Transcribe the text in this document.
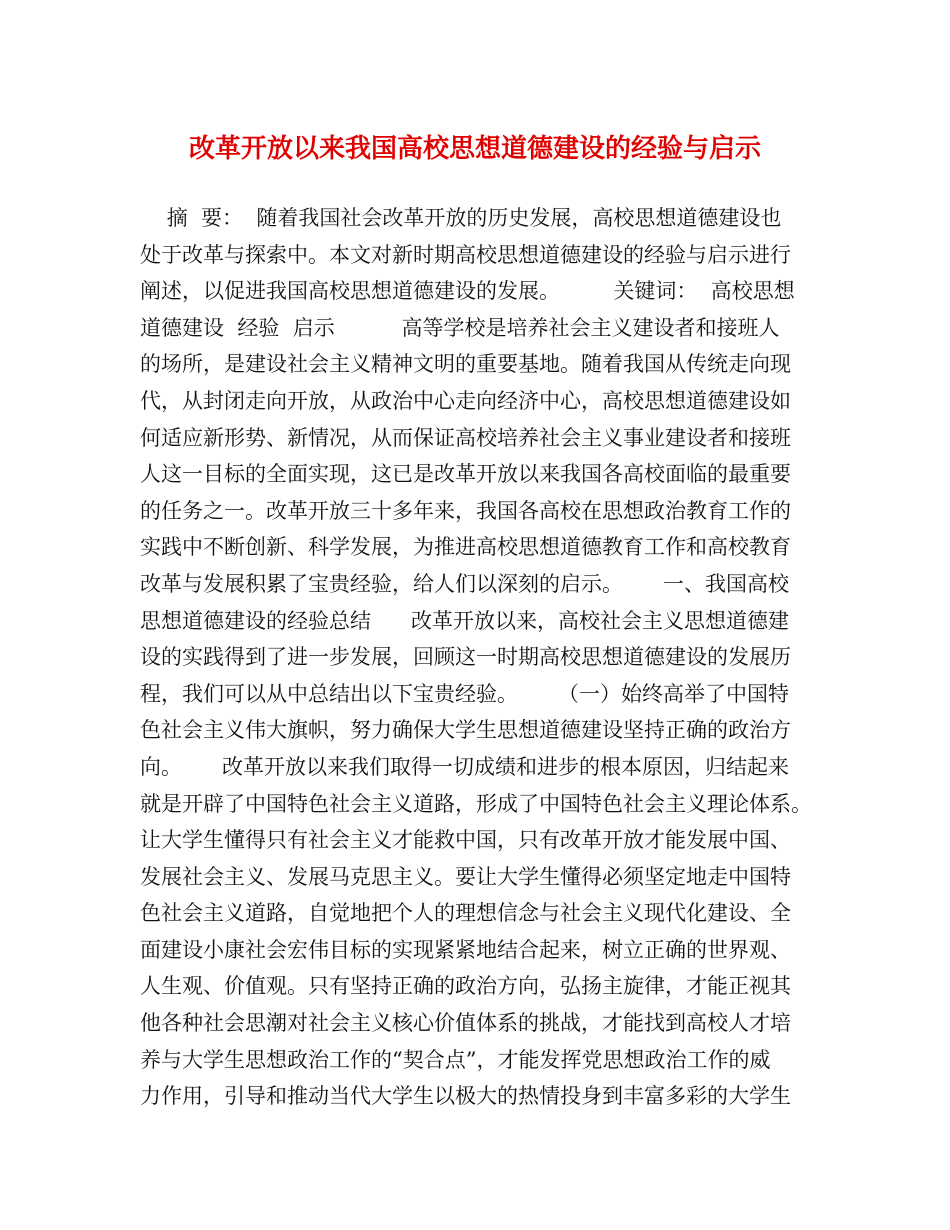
改革开放以来我国高校思想道德建设的经验与启示
摘  要：  随着我国社会改革开放的历史发展，高校思想道德建设也
处于改革与探索中。本文对新时期高校思想道德建设的经验与启示进行
阐述，以促进我国高校思想道德建设的发展。        关键词：  高校思想
道德建设  经验  启示          高等学校是培养社会主义建设者和接班人
的场所，是建设社会主义精神文明的重要基地。随着我国从传统走向现
代，从封闭走向开放，从政治中心走向经济中心，高校思想道德建设如
何适应新形势、新情况，从而保证高校培养社会主义事业建设者和接班
人这一目标的全面实现，这已是改革开放以来我国各高校面临的最重要
的任务之一。改革开放三十多年来，我国各高校在思想政治教育工作的
实践中不断创新、科学发展，为推进高校思想道德教育工作和高校教育
改革与发展积累了宝贵经验，给人们以深刻的启示。      一、我国高校
思想道德建设的经验总结      改革开放以来，高校社会主义思想道德建
设的实践得到了进一步发展，回顾这一时期高校思想道德建设的发展历
程，我们可以从中总结出以下宝贵经验。      （一）始终高举了中国特
色社会主义伟大旗帜，努力确保大学生思想道德建设坚持正确的政治方
向。      改革开放以来我们取得一切成绩和进步的根本原因，归结起来
就是开辟了中国特色社会主义道路，形成了中国特色社会主义理论体系。
让大学生懂得只有社会主义才能救中国，只有改革开放才能发展中国、
发展社会主义、发展马克思主义。要让大学生懂得必须坚定地走中国特
色社会主义道路，自觉地把个人的理想信念与社会主义现代化建设、全
面建设小康社会宏伟目标的实现紧紧地结合起来，树立正确的世界观、
人生观、价值观。只有坚持正确的政治方向，弘扬主旋律，才能正视其
他各种社会思潮对社会主义核心价值体系的挑战，才能找到高校人才培
养与大学生思想政治工作的“契合点”，才能发挥党思想政治工作的威
力作用，引导和推动当代大学生以极大的热情投身到丰富多彩的大学生
